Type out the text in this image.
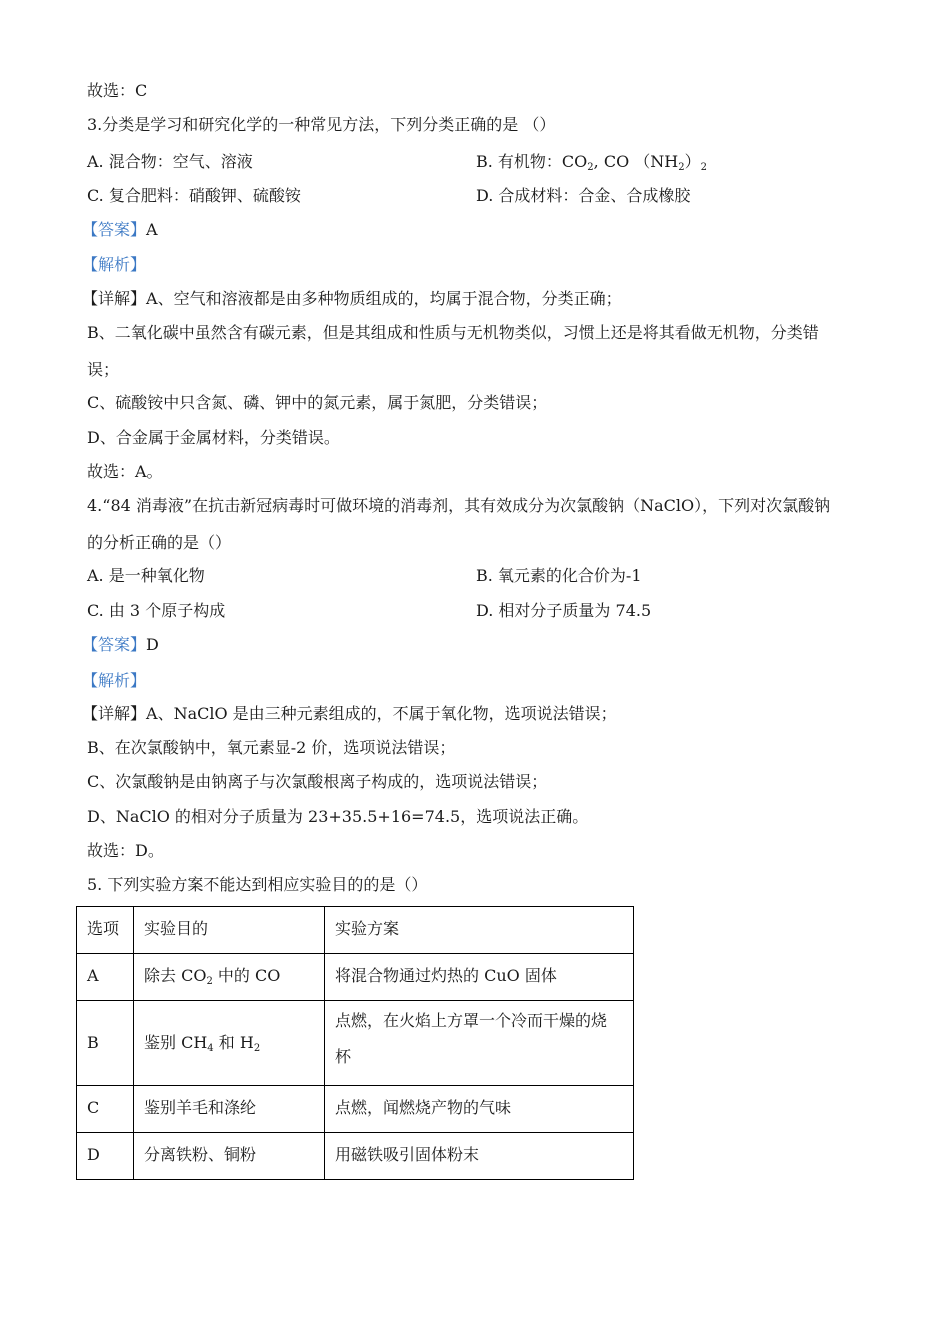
故选：C
3.分类是学习和研究化学的一种常见方法，下列分类正确的是 （）
A. 混合物：空气、溶液	B. 有机物：$CO_2$, CO $(NH_2)_2$
C. 复合肥料：硝酸钾、硫酸铵	D. 合成材料：合金、合成橡胶
【答案】A
【解析】
【详解】A、空气和溶液都是由多种物质组成的，均属于混合物，分类正确；
B、二氧化碳中虽然含有碳元素，但是其组成和性质与无机物类似，习惯上还是将其看做无机物，分类错
误；
C、硫酸铵中只含氮、磷、钾中的氮元素，属于氮肥，分类错误；
D、合金属于金属材料，分类错误。
故选：A。
4.“84 消毒液”在抗击新冠病毒时可做环境的消毒剂，其有效成分为次氯酸钠（NaClO），下列对次氯酸钠
的分析正确的是（）
A. 是一种氧化物	B. 氧元素的化合价为-1
C. 由 3 个原子构成	D. 相对分子质量为 74.5
【答案】D
【解析】
【详解】A、NaClO 是由三种元素组成的，不属于氧化物，选项说法错误；
B、在次氯酸钠中，氧元素显-2 价，选项说法错误；
C、次氯酸钠是由钠离子与次氯酸根离子构成的，选项说法错误；
D、NaClO 的相对分子质量为 23+35.5+16=74.5，选项说法正确。
故选：D。
5. 下列实验方案不能达到相应实验目的的是（）
选项	实验目的	实验方案
A	除去 $CO_2$ 中的 CO	将混合物通过灼热的 CuO 固体
B	鉴别 $CH_4$ 和 $H_2$	点燃，在火焰上方罩一个冷而干燥的烧
杯

C	鉴别羊毛和涤纶	点燃，闻燃烧产物的气味
D	分离铁粉、铜粉	用磁铁吸引固体粉末
